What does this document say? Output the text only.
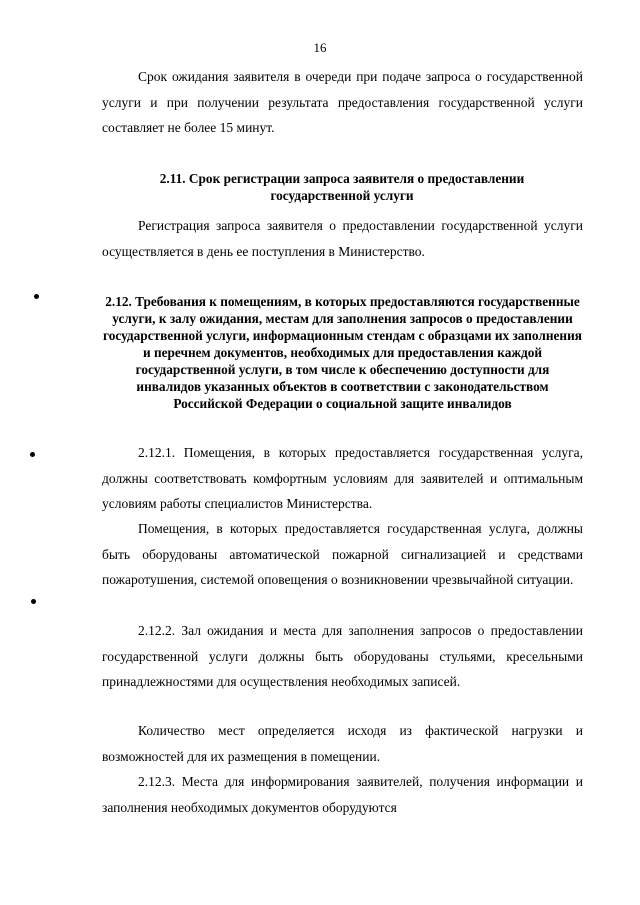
16

Срок ожидания заявителя в очереди при подаче запроса о государственной услуги и при получении результата предоставления государственной услуги составляет не более 15 минут.

2.11. Срок регистрации запроса заявителя о предоставлении государственной услуги

Регистрация запроса заявителя о предоставлении государственной услуги осуществляется в день ее поступления в Министерство.

2.12. Требования к помещениям, в которых предоставляются государственные услуги, к залу ожидания, местам для заполнения запросов о предоставлении государственной услуги, информационным стендам с образцами их заполнения и перечнем документов, необходимых для предоставления каждой государственной услуги, в том числе к обеспечению доступности для инвалидов указанных объектов в соответствии с законодательством Российской Федерации о социальной защите инвалидов

2.12.1. Помещения, в которых предоставляется государственная услуга, должны соответствовать комфортным условиям для заявителей и оптимальным условиям работы специалистов Министерства.

Помещения, в которых предоставляется государственная услуга, должны быть оборудованы автоматической пожарной сигнализацией и средствами пожаротушения, системой оповещения о возникновении чрезвычайной ситуации.

2.12.2. Зал ожидания и места для заполнения запросов о предоставлении государственной услуги должны быть оборудованы стульями, кресельными принадлежностями для осуществления необходимых записей.

Количество мест определяется исходя из фактической нагрузки и возможностей для их размещения в помещении.

2.12.3. Места для информирования заявителей, получения информации и заполнения необходимых документов оборудуются
